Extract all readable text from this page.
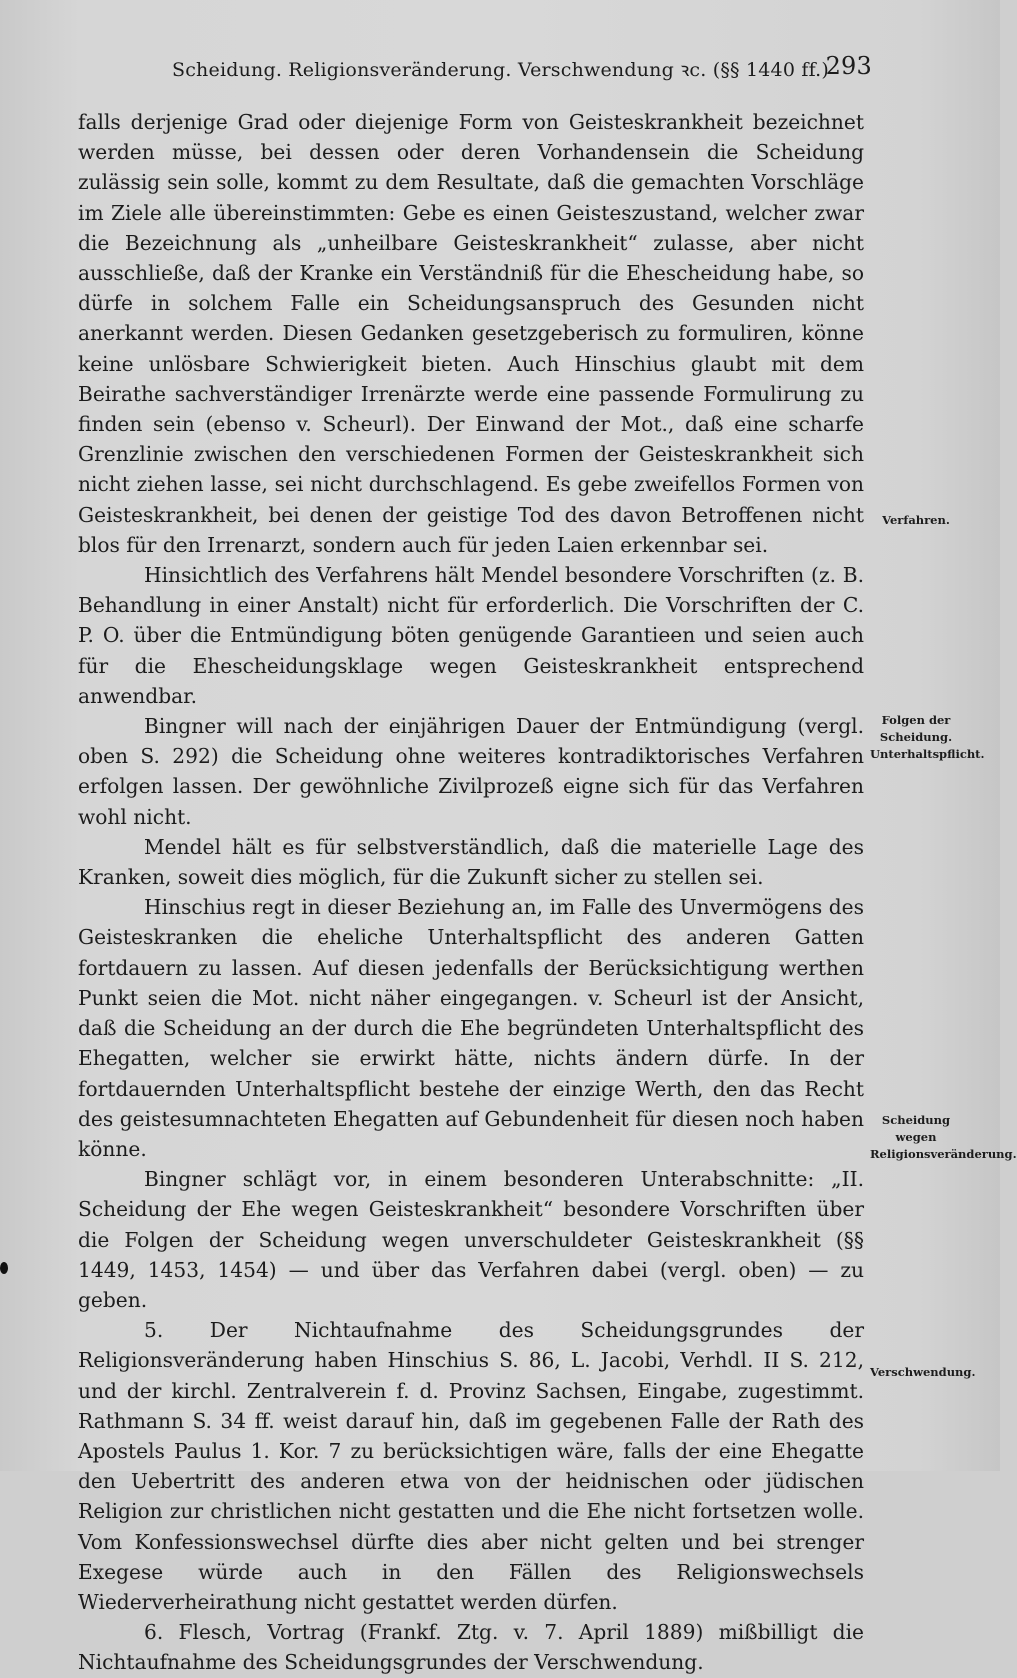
Scheidung. Religionsveränderung. Verschwendung ꝛc. (§§ 1440 ff.)
293

falls derjenige Grad oder diejenige Form von Geisteskrankheit bezeichnet werden müsse, bei dessen oder deren Vorhandensein die Scheidung zulässig sein solle, kommt zu dem Resultate, daß die gemachten Vorschläge im Ziele alle übereinstimmten: Gebe es einen Geisteszustand, welcher zwar die Bezeichnung als „unheilbare Geisteskrankheit“ zulasse, aber nicht ausschließe, daß der Kranke ein Verständniß für die Ehescheidung habe, so dürfe in solchem Falle ein Scheidungsanspruch des Gesunden nicht anerkannt werden. Diesen Gedanken gesetzgeberisch zu formuliren, könne keine unlösbare Schwierigkeit bieten. Auch Hinschius glaubt mit dem Beirathe sachverständiger Irrenärzte werde eine passende Formulirung zu finden sein (ebenso v. Scheurl). Der Einwand der Mot., daß eine scharfe Grenzlinie zwischen den verschiedenen Formen der Geisteskrankheit sich nicht ziehen lasse, sei nicht durchschlagend. Es gebe zweifellos Formen von Geisteskrankheit, bei denen der geistige Tod des davon Betroffenen nicht blos für den Irrenarzt, sondern auch für jeden Laien erkennbar sei.

Hinsichtlich des Verfahrens hält Mendel besondere Vorschriften (z. B. Behandlung in einer Anstalt) nicht für erforderlich. Die Vorschriften der C. P. O. über die Entmündigung böten genügende Garantieen und seien auch für die Ehescheidungsklage wegen Geisteskrankheit entsprechend anwendbar.

Bingner will nach der einjährigen Dauer der Entmündigung (vergl. oben S. 292) die Scheidung ohne weiteres kontradiktorisches Verfahren erfolgen lassen. Der gewöhnliche Zivilprozeß eigne sich für das Verfahren wohl nicht.

Mendel hält es für selbstverständlich, daß die materielle Lage des Kranken, soweit dies möglich, für die Zukunft sicher zu stellen sei.

Hinschius regt in dieser Beziehung an, im Falle des Unvermögens des Geisteskranken die eheliche Unterhaltspflicht des anderen Gatten fortdauern zu lassen. Auf diesen jedenfalls der Berücksichtigung werthen Punkt seien die Mot. nicht näher eingegangen. v. Scheurl ist der Ansicht, daß die Scheidung an der durch die Ehe begründeten Unterhaltspflicht des Ehegatten, welcher sie erwirkt hätte, nichts ändern dürfe. In der fortdauernden Unterhaltspflicht bestehe der einzige Werth, den das Recht des geistesumnachteten Ehegatten auf Gebundenheit für diesen noch haben könne.

Bingner schlägt vor, in einem besonderen Unterabschnitte: „II. Scheidung der Ehe wegen Geisteskrankheit“ besondere Vorschriften über die Folgen der Scheidung wegen unverschuldeter Geisteskrankheit (§§ 1449, 1453, 1454) — und über das Verfahren dabei (vergl. oben) — zu geben.

5. Der Nichtaufnahme des Scheidungsgrundes der Religionsveränderung haben Hinschius S. 86, L. Jacobi, Verhdl. II S. 212, und der kirchl. Zentralverein f. d. Provinz Sachsen, Eingabe, zugestimmt. Rathmann S. 34 ff. weist darauf hin, daß im gegebenen Falle der Rath des Apostels Paulus 1. Kor. 7 zu berücksichtigen wäre, falls der eine Ehegatte den Uebertritt des anderen etwa von der heidnischen oder jüdischen Religion zur christlichen nicht gestatten und die Ehe nicht fortsetzen wolle. Vom Konfessionswechsel dürfte dies aber nicht gelten und bei strenger Exegese würde auch in den Fällen des Religionswechsels Wiederverheirathung nicht gestattet werden dürfen.

6. Flesch, Vortrag (Frankf. Ztg. v. 7. April 1889) mißbilligt die Nichtaufnahme des Scheidungsgrundes der Verschwendung.

Verfahren.
Folgen der Scheidung. Unterhaltspflicht.
Scheidung wegen Religionsveränderung.
Verschwendung.
